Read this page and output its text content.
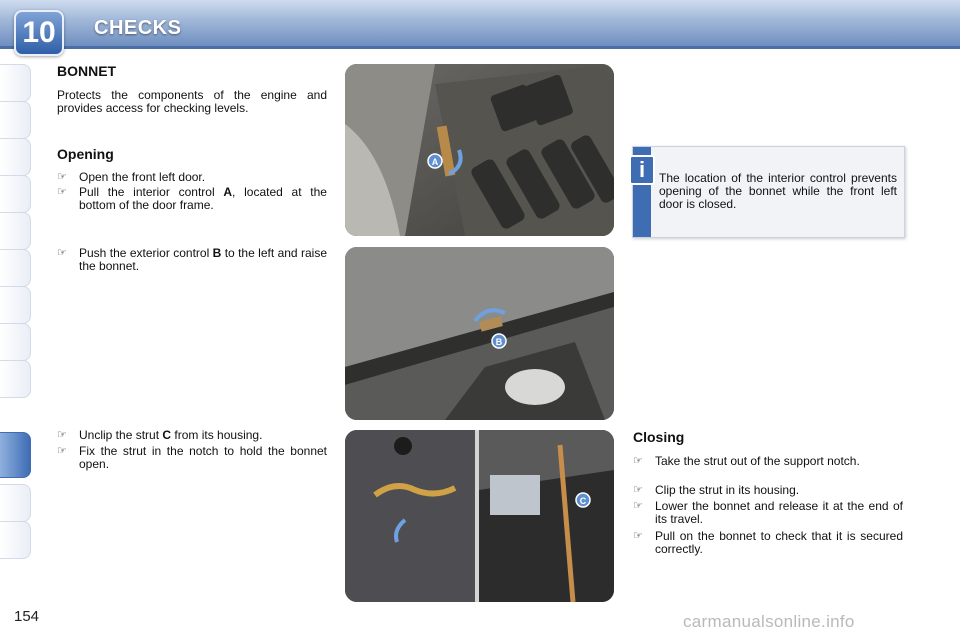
10	CHECKS
BONNET
Protects the components of the engine and provides access for checking levels.
Opening
☞ Open the front left door.
☞ Pull the interior control A, located at the bottom of the door frame.
☞ Push the exterior control B to the left and raise the bonnet.
☞ Unclip the strut C from its housing.
☞ Fix the strut in the notch to hold the bonnet open.
A
B
C
i	The location of the interior control prevents opening of the bonnet while the front left door is closed.
Closing
☞ Take the strut out of the support notch.
☞ Clip the strut in its housing.
☞ Lower the bonnet and release it at the end of its travel.
☞ Pull on the bonnet to check that it is secured correctly.
154	carmanualsonline.info
